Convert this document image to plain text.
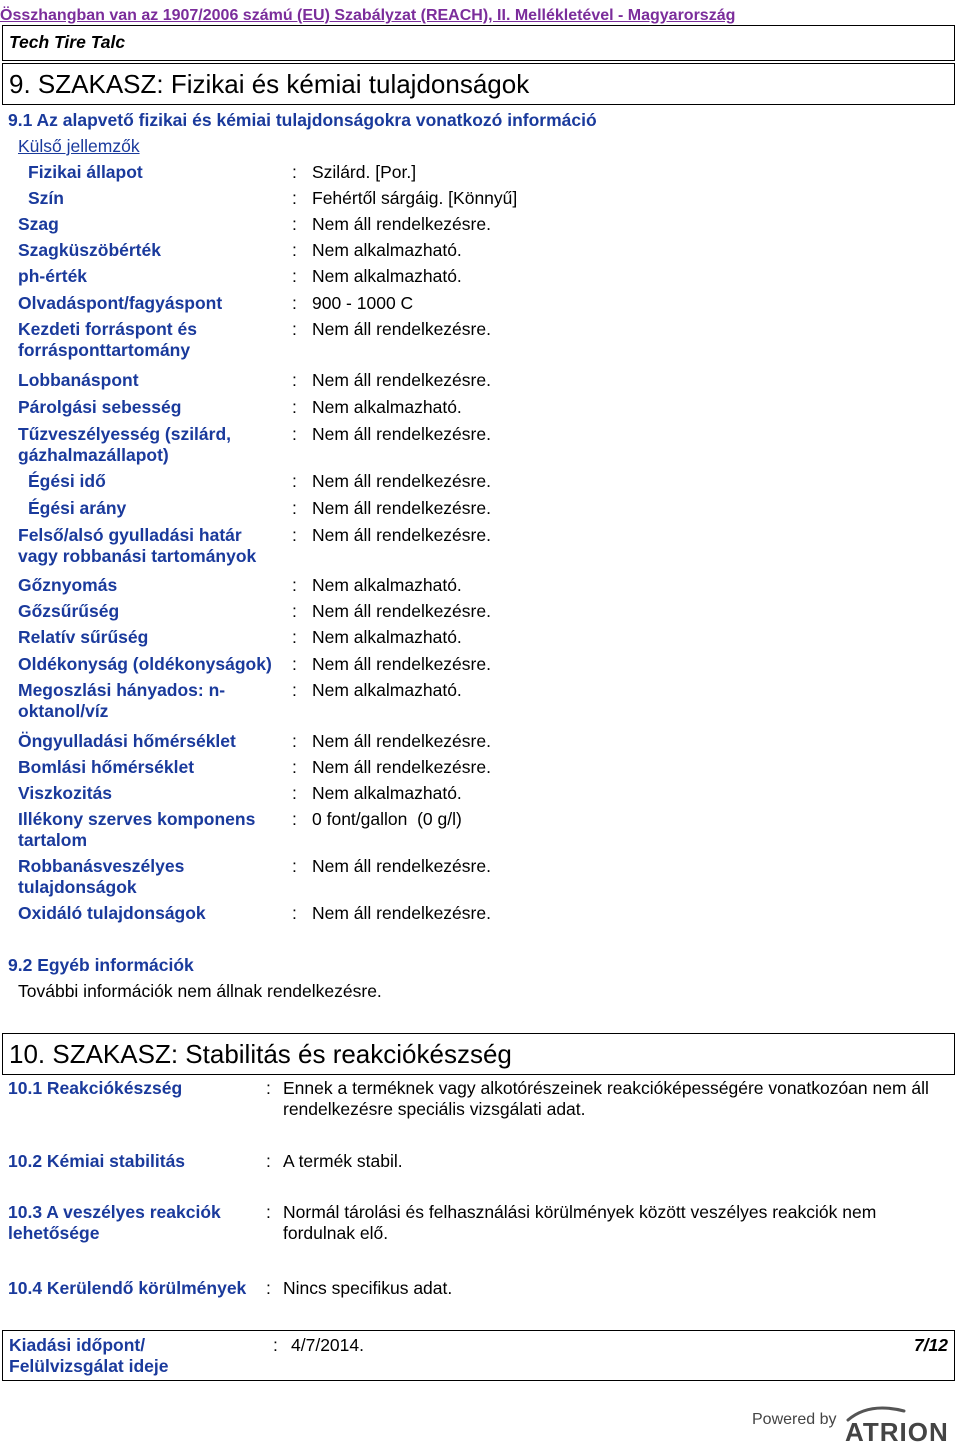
Összhangban van az 1907/2006 számú (EU) Szabályzat (REACH), II. Mellékletével - Magyarország
Tech Tire Talc
9. SZAKASZ: Fizikai és kémiai tulajdonságok
9.1 Az alapvető fizikai és kémiai tulajdonságokra vonatkozó információ
Külső jellemzők
Fizikai állapot	: Szilárd. [Por.]
Szín	: Fehértől sárgáig. [Könnyű]
Szag	: Nem áll rendelkezésre.
Szagküszöbérték	: Nem alkalmazható.
ph-érték	: Nem alkalmazható.
Olvadáspont/fagyáspont	: 900 - 1000 C
Kezdeti forráspont és
forrásponttartomány
: Nem áll rendelkezésre.
Lobbanáspont	: Nem áll rendelkezésre.
Párolgási sebesség	: Nem alkalmazható.
Tűzveszélyesség (szilárd,
gázhalmazállapot)
: Nem áll rendelkezésre.
Égési idő	: Nem áll rendelkezésre.
Égési arány	: Nem áll rendelkezésre.
Felső/alsó gyulladási határ
vagy robbanási tartományok
: Nem áll rendelkezésre.
Gőznyomás	: Nem alkalmazható.
Gőzsűrűség	: Nem áll rendelkezésre.
Relatív sűrűség	: Nem alkalmazható.
Oldékonyság (oldékonyságok)	: Nem áll rendelkezésre.
Megoszlási hányados: n-oktanol/víz
: Nem alkalmazható.
Öngyulladási hőmérséklet	: Nem áll rendelkezésre.
Bomlási hőmérséklet	: Nem áll rendelkezésre.
Viszkozitás	: Nem alkalmazható.
Illékony szerves komponens
tartalom
: 0 font/gallon  (0 g/l)
Robbanásveszélyes
tulajdonságok
: Nem áll rendelkezésre.
Oxidáló tulajdonságok	: Nem áll rendelkezésre.
9.2 Egyéb információk
További információk nem állnak rendelkezésre.
10. SZAKASZ: Stabilitás és reakciókészség
10.1 Reakciókészség	: Ennek a terméknek vagy alkotórészeinek reakcióképességére vonatkozóan nem áll
rendelkezésre speciális vizsgálati adat.
10.2 Kémiai stabilitás	: A termék stabil.
10.3 A veszélyes reakciók
lehetősége
: Normál tárolási és felhasználási körülmények között veszélyes reakciók nem
fordulnak elő.
10.4 Kerülendő körülmények	: Nincs specifikus adat.
Kiadási időpont/
Felülvizsgálat ideje
: 4/7/2014.	7/12
Powered by ATRION
